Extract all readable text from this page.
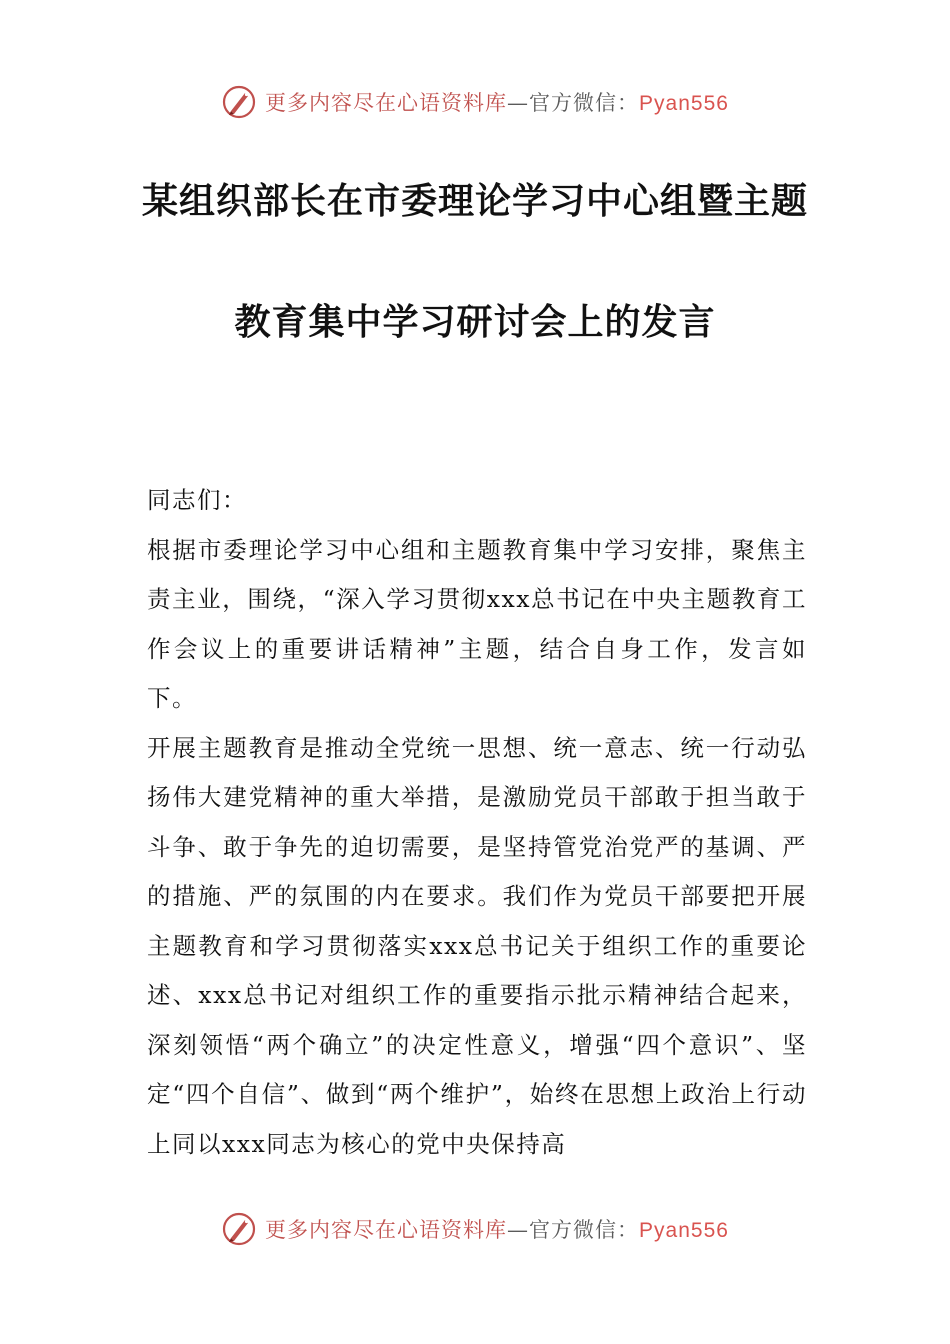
更多内容尽在心语资料库—官方微信：Pyan556
某组织部长在市委理论学习中心组暨主题
教育集中学习研讨会上的发言

同志们：

根据市委理论学习中心组和主题教育集中学习安排，聚焦主责主业，围绕，“深入学习贯彻xxx总书记在中央主题教育工作会议上的重要讲话精神”主题，结合自身工作，发言如下。

开展主题教育是推动全党统一思想、统一意志、统一行动弘扬伟大建党精神的重大举措，是激励党员干部敢于担当敢于斗争、敢于争先的迫切需要，是坚持管党治党严的基调、严的措施、严的氛围的内在要求。我们作为党员干部要把开展主题教育和学习贯彻落实xxx总书记关于组织工作的重要论述、xxx总书记对组织工作的重要指示批示精神结合起来，深刻领悟“两个确立”的决定性意义，增强“四个意识”、坚定“四个自信”、做到“两个维护”，始终在思想上政治上行动上同以xxx同志为核心的党中央保持高

更多内容尽在心语资料库—官方微信：Pyan556
